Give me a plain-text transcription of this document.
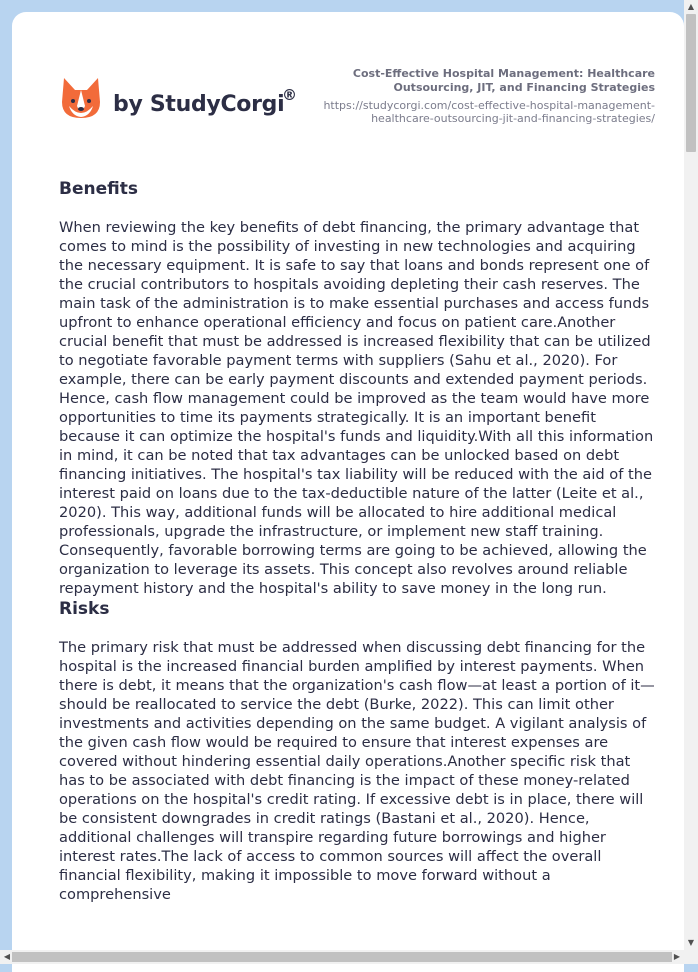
by StudyCorgi
®
Cost-Effective Hospital Management: Healthcare Outsourcing, JIT, and Financing Strategies
https://studycorgi.com/cost-effective-hospital-management-healthcare-outsourcing-jit-and-financing-strategies/
Benefits

When reviewing the key benefits of debt financing, the primary advantage that comes to mind is the possibility of investing in new technologies and acquiring the necessary equipment. It is safe to say that loans and bonds represent one of the crucial contributors to hospitals avoiding depleting their cash reserves. The main task of the administration is to make essential purchases and access funds upfront to enhance operational efficiency and focus on patient care.Another crucial benefit that must be addressed is increased flexibility that can be utilized to negotiate favorable payment terms with suppliers (Sahu et al., 2020). For example, there can be early payment discounts and extended payment periods. Hence, cash flow management could be improved as the team would have more opportunities to time its payments strategically. It is an important benefit because it can optimize the hospital's funds and liquidity.With all this information in mind, it can be noted that tax advantages can be unlocked based on debt financing initiatives. The hospital's tax liability will be reduced with the aid of the interest paid on loans due to the tax-deductible nature of the latter (Leite et al., 2020). This way, additional funds will be allocated to hire additional medical professionals, upgrade the infrastructure, or implement new staff training. Consequently, favorable borrowing terms are going to be achieved, allowing the organization to leverage its assets. This concept also revolves around reliable repayment history and the hospital's ability to save money in the long run.

Risks

The primary risk that must be addressed when discussing debt financing for the hospital is the increased financial burden amplified by interest payments. When there is debt, it means that the organization's cash flow—at least a portion of it—should be reallocated to service the debt (Burke, 2022). This can limit other investments and activities depending on the same budget. A vigilant analysis of the given cash flow would be required to ensure that interest expenses are covered without hindering essential daily operations.Another specific risk that has to be associated with debt financing is the impact of these money-related operations on the hospital's credit rating. If excessive debt is in place, there will be consistent downgrades in credit ratings (Bastani et al., 2020). Hence, additional challenges will transpire regarding future borrowings and higher interest rates.The lack of access to common sources will affect the overall financial flexibility, making it impossible to move forward without a comprehensive

▲
▼
◀	▶
